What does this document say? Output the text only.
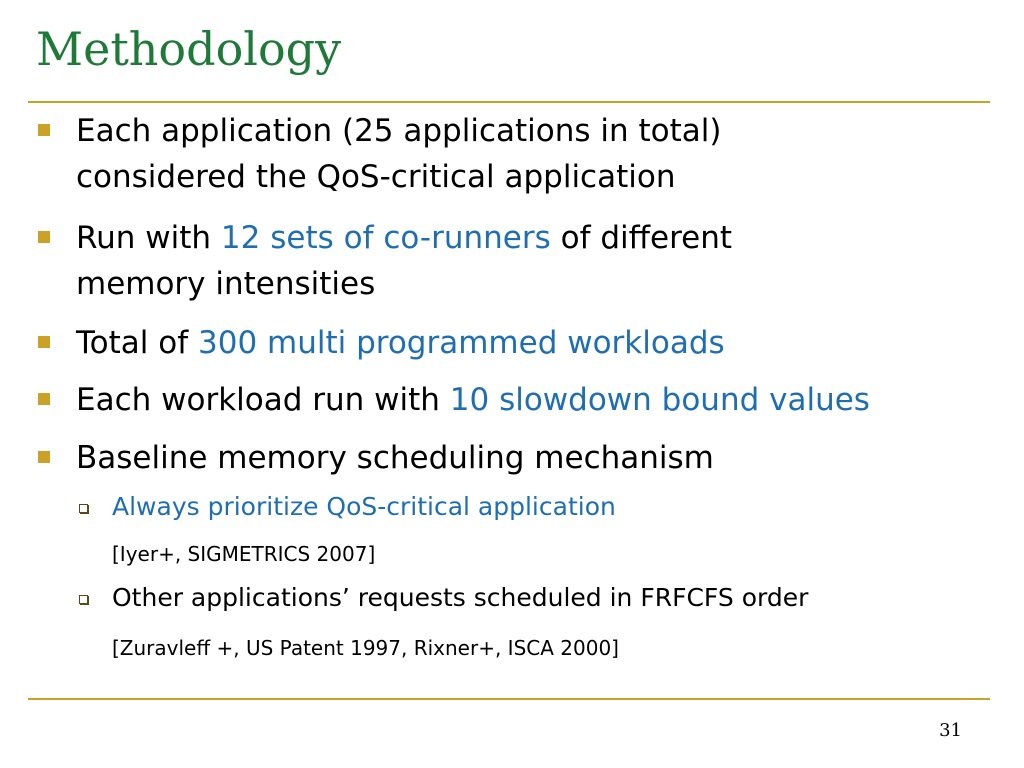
Methodology
Each application (25 applications in total)
considered the QoS-critical application
Run with 12 sets of co-runners of different
memory intensities
Total of 300 multi programmed workloads
Each workload run with 10 slowdown bound values
Baseline memory scheduling mechanism
Always prioritize QoS-critical application
[Iyer+, SIGMETRICS 2007]
Other applications’ requests scheduled in FRFCFS order
[Zuravleff +, US Patent 1997, Rixner+, ISCA 2000]
31
